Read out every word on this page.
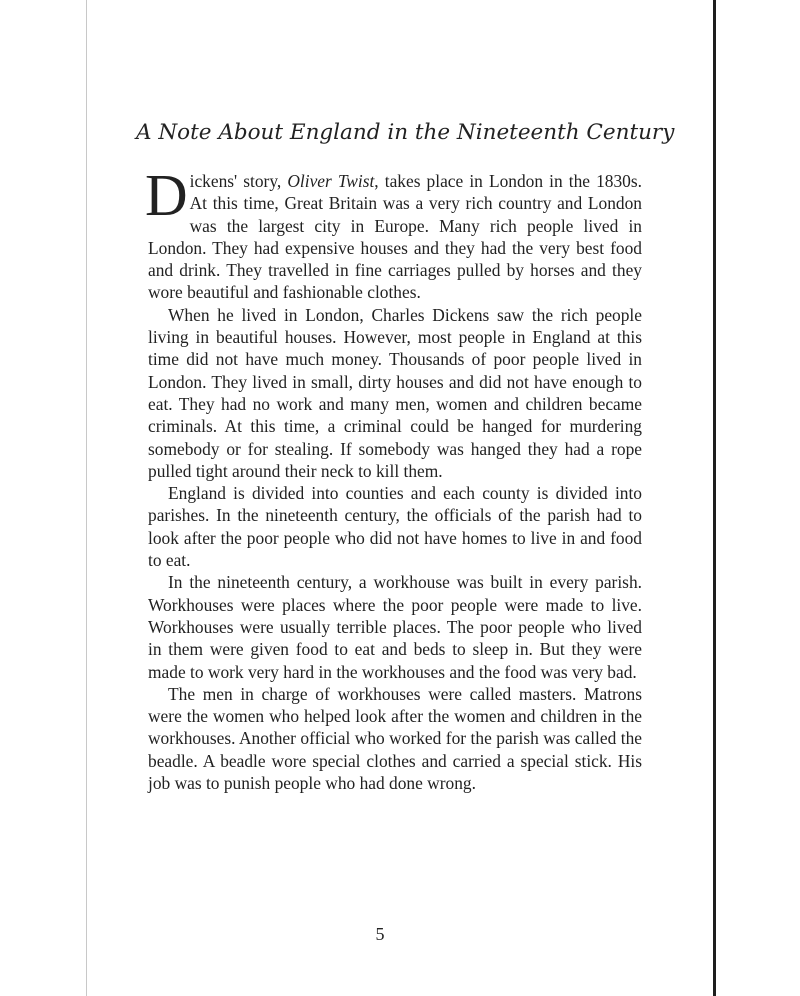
A Note About England in the Nineteenth Century

Dickens' story, Oliver Twist, takes place in London in the 1830s. At this time, Great Britain was a very rich country and London was the largest city in Europe. Many rich people lived in London. They had expensive houses and they had the very best food and drink. They travelled in fine carriages pulled by horses and they wore beautiful and fashionable clothes.

When he lived in London, Charles Dickens saw the rich people living in beautiful houses. However, most people in England at this time did not have much money. Thousands of poor people lived in London. They lived in small, dirty houses and did not have enough to eat. They had no work and many men, women and children became criminals. At this time, a criminal could be hanged for murdering somebody or for stealing. If somebody was hanged they had a rope pulled tight around their neck to kill them.

England is divided into counties and each county is divided into parishes. In the nineteenth century, the officials of the parish had to look after the poor people who did not have homes to live in and food to eat.

In the nineteenth century, a workhouse was built in every parish. Workhouses were places where the poor people were made to live. Workhouses were usually terrible places. The poor people who lived in them were given food to eat and beds to sleep in. But they were made to work very hard in the workhouses and the food was very bad.

The men in charge of workhouses were called masters. Matrons were the women who helped look after the women and children in the workhouses. Another official who worked for the parish was called the beadle. A beadle wore special clothes and carried a special stick. His job was to punish people who had done wrong.

5
